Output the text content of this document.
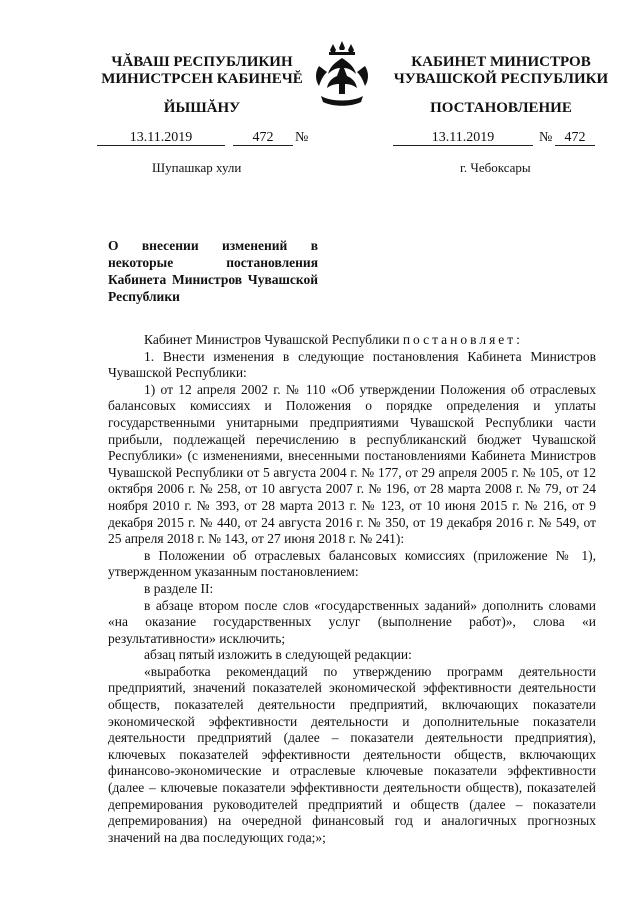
ЧĂВАШ РЕСПУБЛИКИН
МИНИСТРСЕН КАБИНЕЧĔ
ЙЫШĂНУ
КАБИНЕТ МИНИСТРОВ
ЧУВАШСКОЙ РЕСПУБЛИКИ
ПОСТАНОВЛЕНИЕ
13.11.2019	472	№	13.11.2019	№ 472
Шупашкар хули	г. Чебоксары
О внесении изменений в некоторые постановления Кабинета Министров Чувашской Республики

Кабинет Министров Чувашской Республики постановляет:

1. Внести изменения в следующие постановления Кабинета Министров Чувашской Республики:

1) от 12 апреля 2002 г. № 110 «Об утверждении Положения об отраслевых балансовых комиссиях и Положения о порядке определения и уплаты государственными унитарными предприятиями Чувашской Республики части прибыли, подлежащей перечислению в республиканский бюджет Чувашской Республики» (с изменениями, внесенными постановлениями Кабинета Министров Чувашской Республики от 5 августа 2004 г. № 177, от 29 апреля 2005 г. № 105, от 12 октября 2006 г. № 258, от 10 августа 2007 г. № 196, от 28 марта 2008 г. № 79, от 24 ноября 2010 г. № 393, от 28 марта 2013 г. № 123, от 10 июня 2015 г. № 216, от 9 декабря 2015 г. № 440, от 24 августа 2016 г. № 350, от 19 декабря 2016 г. № 549, от 25 апреля 2018 г. № 143, от 27 июня 2018 г. № 241):

в Положении об отраслевых балансовых комиссиях (приложение № 1), утвержденном указанным постановлением:

в разделе II:

в абзаце втором после слов «государственных заданий» дополнить словами «на оказание государственных услуг (выполнение работ)», слова «и результативности» исключить;

абзац пятый изложить в следующей редакции:

«выработка рекомендаций по утверждению программ деятельности предприятий, значений показателей экономической эффективности деятельности обществ, показателей деятельности предприятий, включающих показатели экономической эффективности деятельности и дополнительные показатели деятельности предприятий (далее – показатели деятельности предприятия), ключевых показателей эффективности деятельности обществ, включающих финансово-экономические и отраслевые ключевые показатели эффективности (далее – ключевые показатели эффективности деятельности обществ), показателей депремирования руководителей предприятий и обществ (далее – показатели депремирования) на очередной финансовый год и аналогичных прогнозных значений на два последующих года;»;
